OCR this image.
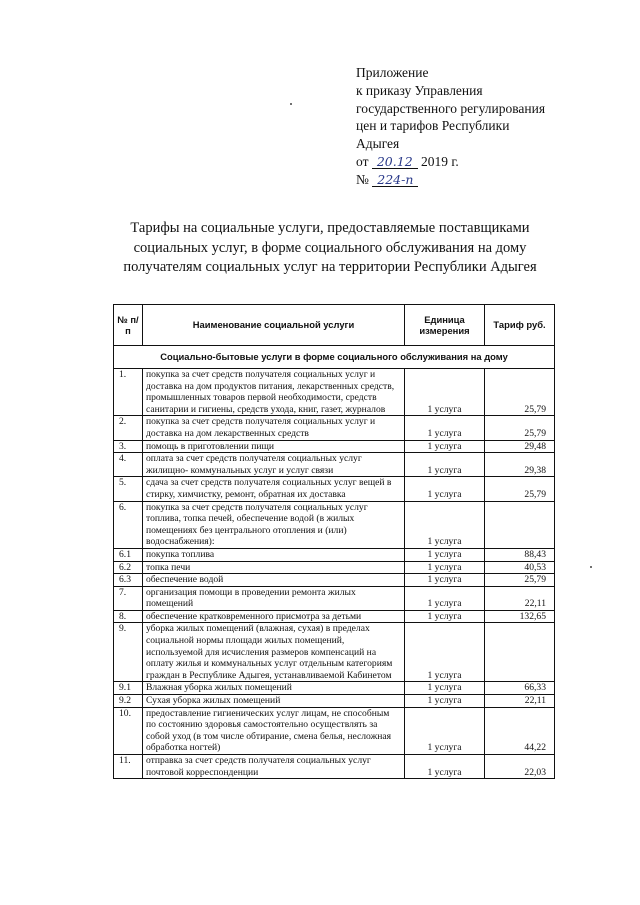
Приложение
к приказу Управления
государственного регулирования
цен и тарифов Республики
Адыгея
от 20.12 2019 г.
№ 224-п
Тарифы на социальные услуги, предоставляемые поставщиками социальных услуг, в форме социального обслуживания на дому получателям социальных услуг на территории Республики Адыгея
№ п/п	Наименование социальной услуги	Единица измерения	Тариф руб.
Социально-бытовые услуги в форме социального обслуживания на дому			
1.	покупка за счет средств получателя социальных услуг и доставка на дом продуктов питания, лекарственных средств, промышленных товаров первой необходимости, средств санитарии и гигиены, средств ухода, книг, газет, журналов	1 услуга	25,79
2.	покупка за счет средств получателя социальных услуг и доставка на дом лекарственных средств	1 услуга	25,79
3.	помощь в приготовлении пищи	1 услуга	29,48
4.	оплата за счет средств получателя социальных услуг жилищно- коммунальных услуг и услуг связи	1 услуга	29,38
5.	сдача за счет средств получателя социальных услуг вещей в стирку, химчистку, ремонт, обратная их доставка	1 услуга	25,79
6.	покупка за счет средств получателя социальных услуг топлива, топка печей, обеспечение водой (в жилых помещениях без центрального отопления и (или) водоснабжения):	1 услуга	
6.1	покупка топлива	1 услуга	88,43
6.2	топка печи	1 услуга	40,53
6.3	обеспечение водой	1 услуга	25,79
7.	организация помощи в проведении ремонта жилых помещений	1 услуга	22,11
8.	обеспечение кратковременного присмотра за детьми	1 услуга	132,65
9.	уборка жилых помещений (влажная, сухая) в пределах социальной нормы площади жилых помещений, используемой для исчисления размеров компенсаций на оплату жилья и коммунальных услуг отдельным категориям граждан в Республике Адыгея, устанавливаемой Кабинетом	1 услуга	
9.1	Влажная уборка жилых помещений	1 услуга	66,33
9.2	Сухая уборка жилых помещений	1 услуга	22,11
10.	предоставление гигиенических услуг лицам, не способным по состоянию здоровья самостоятельно осуществлять за собой уход (в том числе обтирание, смена белья, несложная обработка ногтей)	1 услуга	44,22
11.	отправка за счет средств получателя социальных услуг почтовой корреспонденции	1 услуга	22,03
